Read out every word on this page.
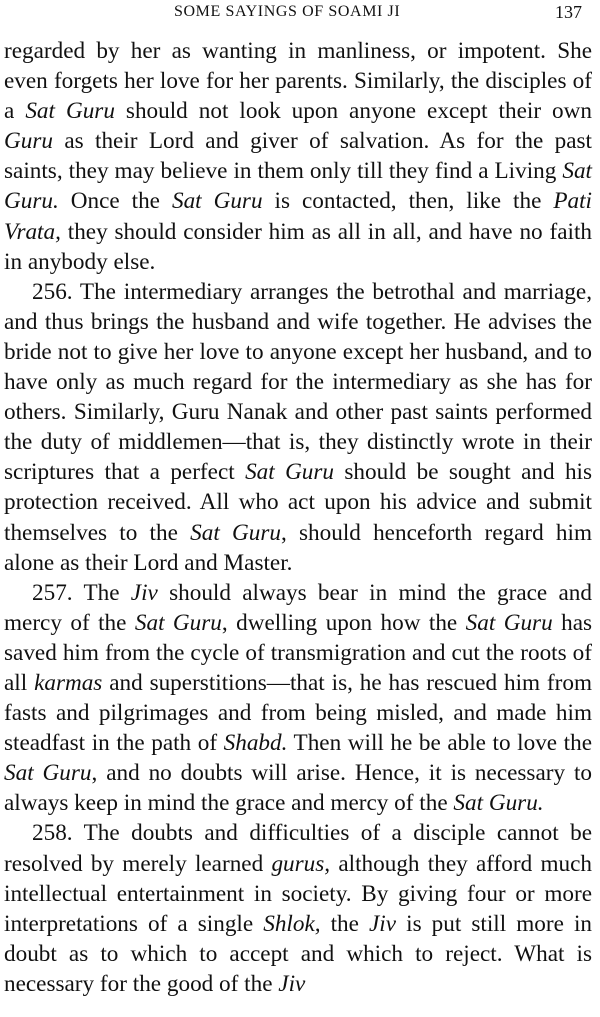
SOME SAYINGS OF SOAMI JI	137

regarded by her as wanting in manliness, or impotent. She even forgets her love for her parents. Similarly, the disciples of a Sat Guru should not look upon anyone except their own Guru as their Lord and giver of salvation. As for the past saints, they may believe in them only till they find a Living Sat Guru. Once the Sat Guru is contacted, then, like the Pati Vrata, they should consider him as all in all, and have no faith in anybody else.

256. The intermediary arranges the betrothal and marriage, and thus brings the husband and wife together. He advises the bride not to give her love to anyone except her husband, and to have only as much regard for the intermediary as she has for others. Similarly, Guru Nanak and other past saints performed the duty of middlemen—that is, they distinctly wrote in their scriptures that a perfect Sat Guru should be sought and his protection received. All who act upon his advice and submit themselves to the Sat Guru, should henceforth regard him alone as their Lord and Master.

257. The Jiv should always bear in mind the grace and mercy of the Sat Guru, dwelling upon how the Sat Guru has saved him from the cycle of transmigration and cut the roots of all karmas and superstitions—that is, he has rescued him from fasts and pilgrimages and from being misled, and made him steadfast in the path of Shabd. Then will he be able to love the Sat Guru, and no doubts will arise. Hence, it is necessary to always keep in mind the grace and mercy of the Sat Guru.

258. The doubts and difficulties of a disciple cannot be resolved by merely learned gurus, although they afford much intellectual entertainment in society. By giving four or more interpretations of a single Shlok, the Jiv is put still more in doubt as to which to accept and which to reject. What is necessary for the good of the Jiv
